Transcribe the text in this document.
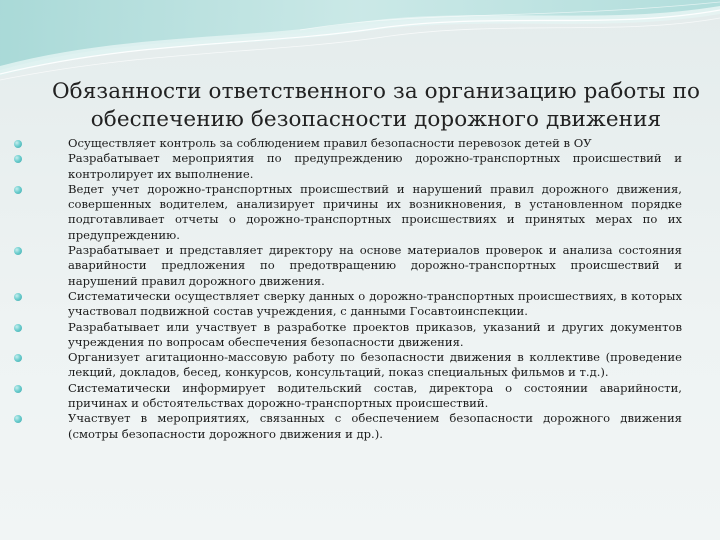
Обязанности ответственного за организацию работы по обеспечению безопасности дорожного движения
Осуществляет контроль за соблюдением правил безопасности перевозок детей в ОУ
Разрабатывает мероприятия по предупреждению дорожно-транспортных происшествий и контролирует их выполнение.
Ведет учет дорожно-транспортных происшествий и нарушений правил дорожного движения, совершенных водителем, анализирует причины их возникновения, в установленном порядке подготавливает отчеты о дорожно-транспортных происшествиях и принятых мерах по их предупреждению.
Разрабатывает и представляет директору на основе материалов проверок и анализа состояния аварийности предложения по предотвращению дорожно-транспортных происшествий и нарушений правил дорожного движения.
Систематически осуществляет сверку данных о дорожно-транспортных происшествиях, в которых участвовал подвижной состав учреждения, с данными Госавтоинспекции.
Разрабатывает или участвует в разработке проектов приказов, указаний и других документов учреждения по вопросам обеспечения безопасности движения.
Организует агитационно-массовую работу по безопасности движения в коллективе (проведение лекций, докладов, бесед, конкурсов, консультаций, показ специальных фильмов и т.д.).
Систематически информирует водительский состав, директора о состоянии аварийности, причинах и обстоятельствах дорожно-транспортных происшествий.
Участвует в мероприятиях, связанных с обеспечением безопасности дорожного движения (смотры безопасности дорожного движения и др.).
